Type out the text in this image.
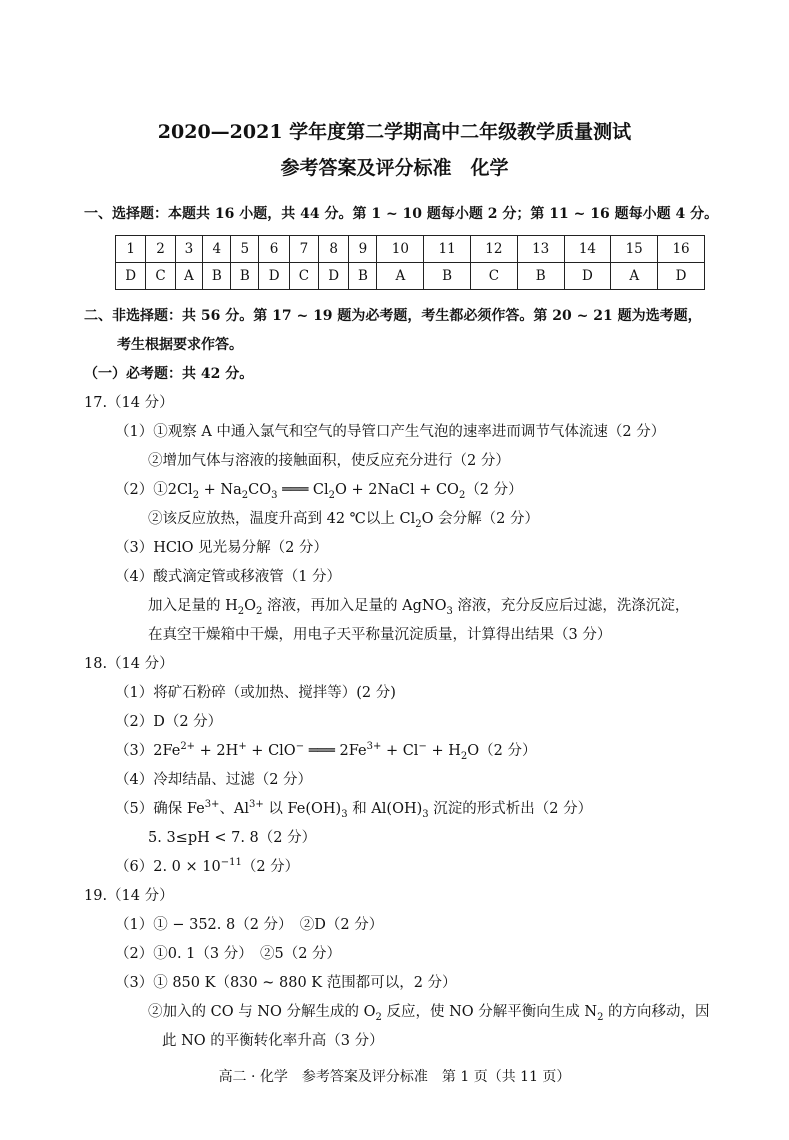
2020—2021 学年度第二学期高中二年级教学质量测试
参考答案及评分标准　化学
一、选择题：本题共 16 小题，共 44 分。第 1 ~ 10 题每小题 2 分；第 11 ~ 16 题每小题 4 分。
1	2	3	4	5	6	7	8	9	10	11	12	13	14	15	16
D	C	A	B	B	D	C	D	B	A	B	C	B	D	A	D
二、非选择题：共 56 分。第 17 ~ 19 题为必考题，考生都必须作答。第 20 ~ 21 题为选考题，
考生根据要求作答。
（一）必考题：共 42 分。
17.（14 分）
（1）①观察 A 中通入氯气和空气的导管口产生气泡的速率进而调节气体流速（2 分）
②增加气体与溶液的接触面积，使反应充分进行（2 分）
$(2)①2Cl_2 + Na_2CO_3$ ═══ $Cl_2O$ + 2NaCl + $CO_2(2$ 分）
②该反应放热，温度升高到 42 ℃以上 $Cl_2O$ 会分解（2 分）
（3）HClO 见光易分解（2 分）
（4）酸式滴定管或移液管（1 分）
加入足量的 $H_2O_2$ 溶液，再加入足量的 AgNO$_3$ 溶液，充分反应后过滤，洗涤沉淀，
在真空干燥箱中干燥，用电子天平称量沉淀质量，计算得出结果（3 分）
18.（14 分）
（1）将矿石粉碎（或加热、搅拌等）(2 分)
（2）D（2 分）
$(3)2Fe^{2+} + 2H^+ + ClO^-$ ═══ $2Fe^{3+} + Cl^- + H_2O(2$ 分）
（4）冷却结晶、过滤（2 分）
（5）确保 $Fe^{3+}$、$Al^{3+}$ 以 $Fe(OH)_3$ 和 $Al(OH)_3$ 沉淀的形式析出（2 分）
5. 3≤pH < 7. 8（2 分）
（6）2. $0 \times 10^{-11}(2$ 分）
19.（14 分）
（1）① − 352. 8（2 分）　②D（2 分）
（2）①0. 1（3 分）　②5（2 分）
（3）① 850 K（830 ~ 880 K 范围都可以，2 分）
②加入的 CO 与 NO 分解生成的 $O_2$ 反应，使 NO 分解平衡向生成 $N_2$ 的方向移动，因
此 NO 的平衡转化率升高（3 分）
高二 · 化学　参考答案及评分标准　第 1 页（共 11 页）
